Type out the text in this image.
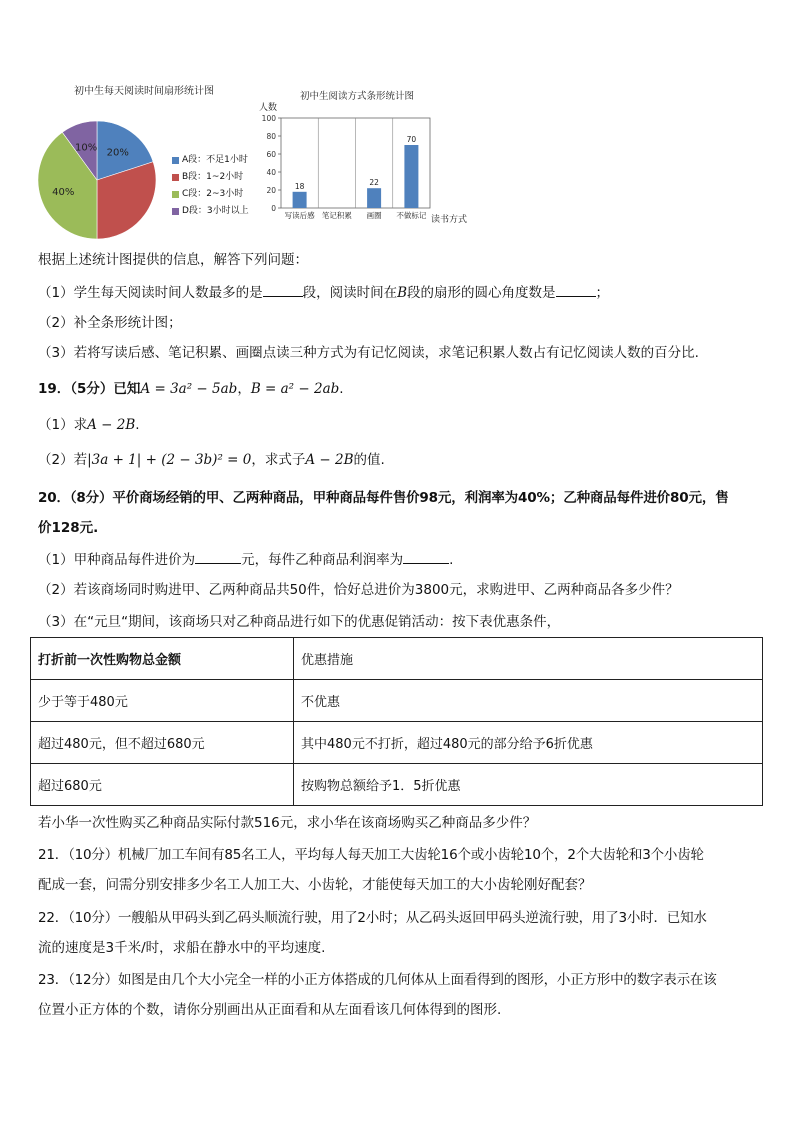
初中生每天阅读时间扇形统计图
20%
40%
10%
A段：不足1小时
B段：1~2小时
C段：2~3小时
D段：3小时以上
初中生阅读方式条形统计图
人数
0
20
40
60
80
100
18
写读后感 笔记积累
22
画圈
70
不做标记 读书方式
根据上述统计图提供的信息，解答下列问题：
（1）学生每天阅读时间人数最多的是	段，阅读时间在B段的扇形的圆心角度数是	；
（2）补全条形统计图；
（3）若将写读后感、笔记积累、画圈点读三种方式为有记忆阅读，求笔记积累人数占有记忆阅读人数的百分比.
19．（5分）已知A = 3a² − 5ab，B = a² − 2ab.
（1）求A − 2B.
（2）若|3a + 1| + (2 − 3b)² = 0，求式子A − 2B的值.
20．（8分）平价商场经销的甲、乙两种商品，甲种商品每件售价98元，利润率为40%；乙种商品每件进价80元，售
价128元.
（1）甲种商品每件进价为	元，每件乙种商品利润率为	.
（2）若该商场同时购进甲、乙两种商品共50件，恰好总进价为3800元，求购进甲、乙两种商品各多少件？
（3）在“元旦“期间，该商场只对乙种商品进行如下的优惠促销活动：按下表优惠条件，
打折前一次性购物总金额	优惠措施
少于等于480元	不优惠
超过480元，但不超过680元	其中480元不打折，超过480元的部分给予6折优惠
超过680元	按购物总额给予1．5折优惠
若小华一次性购买乙种商品实际付款516元，求小华在该商场购买乙种商品多少件？
21．（10分）机械厂加工车间有85名工人，平均每人每天加工大齿轮16个或小齿轮10个，2个大齿轮和3个小齿轮
配成一套，问需分别安排多少名工人加工大、小齿轮，才能使每天加工的大小齿轮刚好配套？
22．（10分）一艘船从甲码头到乙码头顺流行驶，用了2小时；从乙码头返回甲码头逆流行驶，用了3小时．已知水
流的速度是3千米/时，求船在静水中的平均速度.
23．（12分）如图是由几个大小完全一样的小正方体搭成的几何体从上面看得到的图形，小正方形中的数字表示在该
位置小正方体的个数，请你分别画出从正面看和从左面看该几何体得到的图形.
